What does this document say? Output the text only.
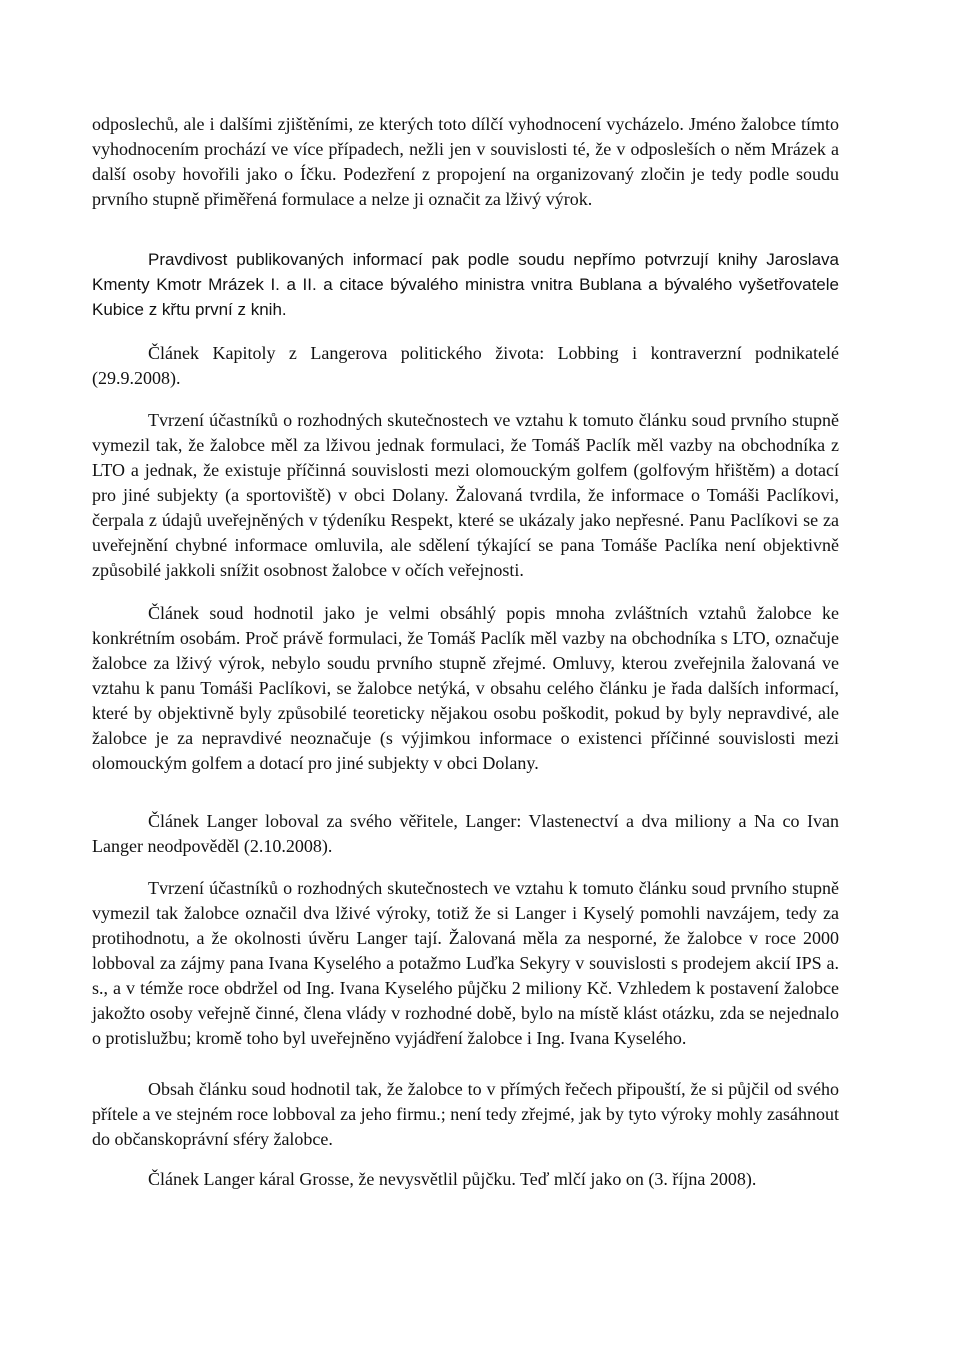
odposlechů, ale i dalšími zjištěními, ze kterých toto dílčí vyhodnocení vycházelo. Jméno žalobce tímto vyhodnocením prochází ve více případech, nežli jen v souvislosti té, že v odposleších o něm Mrázek a další osoby hovořili jako o Íčku. Podezření z propojení na organizovaný zločin je tedy podle soudu prvního stupně přiměřená formulace a nelze ji označit za lživý výrok.

Pravdivost publikovaných informací pak podle soudu nepřímo potvrzují knihy Jaroslava Kmenty Kmotr Mrázek I. a II. a citace bývalého ministra vnitra Bublana a bývalého vyšetřovatele Kubice z křtu první z knih.

Článek Kapitoly z Langerova politického života: Lobbing i kontraverzní podnikatelé (29.9.2008).

Tvrzení účastníků o rozhodných skutečnostech ve vztahu k tomuto článku soud prvního stupně vymezil tak, že žalobce měl za lživou jednak formulaci, že Tomáš Paclík měl vazby na obchodníka z LTO a jednak, že existuje příčinná souvislosti mezi olomouckým golfem (golfovým hřištěm) a dotací pro jiné subjekty (a sportoviště) v obci Dolany. Žalovaná tvrdila, že informace o Tomáši Paclíkovi, čerpala z údajů uveřejněných v týdeníku Respekt, které se ukázaly jako nepřesné. Panu Paclíkovi se za uveřejnění chybné informace omluvila, ale sdělení týkající se pana Tomáše Paclíka není objektivně způsobilé jakkoli snížit osobnost žalobce v očích veřejnosti.

Článek soud hodnotil jako je velmi obsáhlý popis mnoha zvláštních vztahů žalobce ke konkrétním osobám. Proč právě formulaci, že Tomáš Paclík měl vazby na obchodníka s LTO, označuje žalobce za lživý výrok, nebylo soudu prvního stupně zřejmé. Omluvy, kterou zveřejnila žalovaná ve vztahu k panu Tomáši Paclíkovi, se žalobce netýká, v obsahu celého článku je řada dalších informací, které by objektivně byly způsobilé teoreticky nějakou osobu poškodit, pokud by byly nepravdivé, ale žalobce je za nepravdivé neoznačuje (s výjimkou informace o existenci příčinné souvislosti mezi olomouckým golfem a dotací pro jiné subjekty v obci Dolany.

Článek Langer loboval za svého věřitele, Langer: Vlastenectví a dva miliony a Na co Ivan Langer neodpověděl (2.10.2008).

Tvrzení účastníků o rozhodných skutečnostech ve vztahu k tomuto článku soud prvního stupně vymezil tak žalobce označil dva lživé výroky, totiž že si Langer i Kyselý pomohli navzájem, tedy za protihodnotu, a že okolnosti úvěru Langer tají. Žalovaná měla za nesporné, že žalobce v roce 2000 lobboval za zájmy pana Ivana Kyselého a potažmo Luďka Sekyry v souvislosti s prodejem akcií IPS a. s., a v témže roce obdržel od Ing. Ivana Kyselého půjčku 2 miliony Kč. Vzhledem k postavení žalobce jakožto osoby veřejně činné, člena vlády v rozhodné době, bylo na místě klást otázku, zda se nejednalo o protislužbu; kromě toho byl uveřejněno vyjádření žalobce i Ing. Ivana Kyselého.

Obsah článku soud hodnotil tak, že žalobce to v přímých řečech připouští, že si půjčil od svého přítele a ve stejném roce lobboval za jeho firmu.; není tedy zřejmé, jak by tyto výroky mohly zasáhnout do občanskoprávní sféry žalobce.

Článek Langer káral Grosse, že nevysvětlil půjčku. Teď mlčí jako on (3. října 2008).
